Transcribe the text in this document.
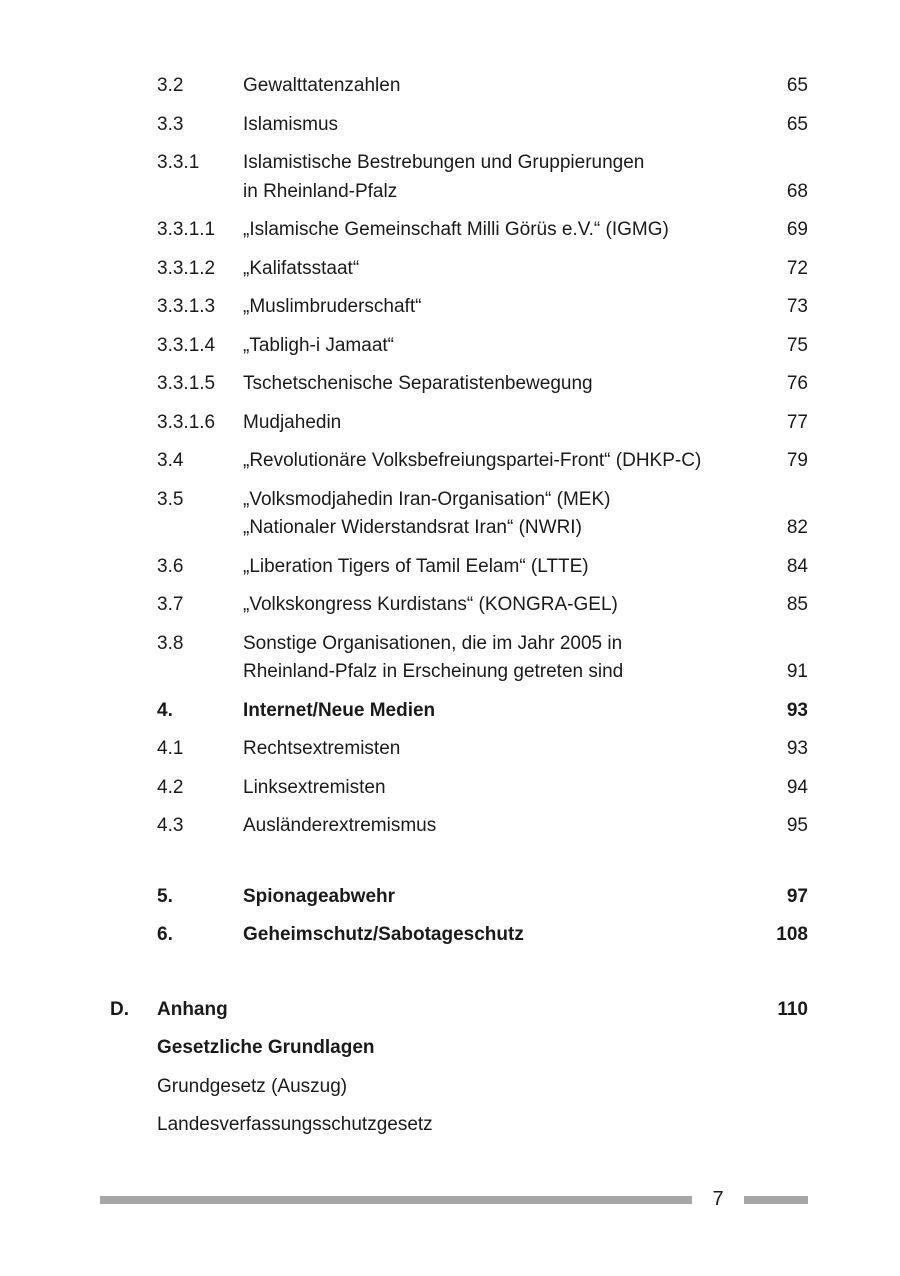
3.2	Gewalttatenzahlen	65
3.3	Islamismus	65
3.3.1	Islamistische Bestrebungen und Gruppierungen
in Rheinland-Pfalz	68
3.3.1.1	„Islamische Gemeinschaft Milli Görüs e.V.“ (IGMG)	69
3.3.1.2	„Kalifatsstaat“	72
3.3.1.3	„Muslimbruderschaft“	73
3.3.1.4	„Tabligh-i Jamaat“	75
3.3.1.5	Tschetschenische Separatistenbewegung	76
3.3.1.6	Mudjahedin	77
3.4	„Revolutionäre Volksbefreiungspartei-Front“ (DHKP-C)	79
3.5	„Volksmodjahedin Iran-Organisation“ (MEK)
„Nationaler Widerstandsrat Iran“ (NWRI)	82
3.6	„Liberation Tigers of Tamil Eelam“ (LTTE)	84
3.7	„Volkskongress Kurdistans“ (KONGRA-GEL)	85
3.8	Sonstige Organisationen, die im Jahr 2005 in
Rheinland-Pfalz in Erscheinung getreten sind	91
4.	Internet/Neue Medien	93
4.1	Rechtsextremisten	93
4.2	Linksextremisten	94
4.3	Ausländerextremismus	95
5.	Spionageabwehr	97
6.	Geheimschutz/Sabotageschutz	108
D.	Anhang	110
Gesetzliche Grundlagen
Grundgesetz (Auszug)
Landesverfassungsschutzgesetz
7
